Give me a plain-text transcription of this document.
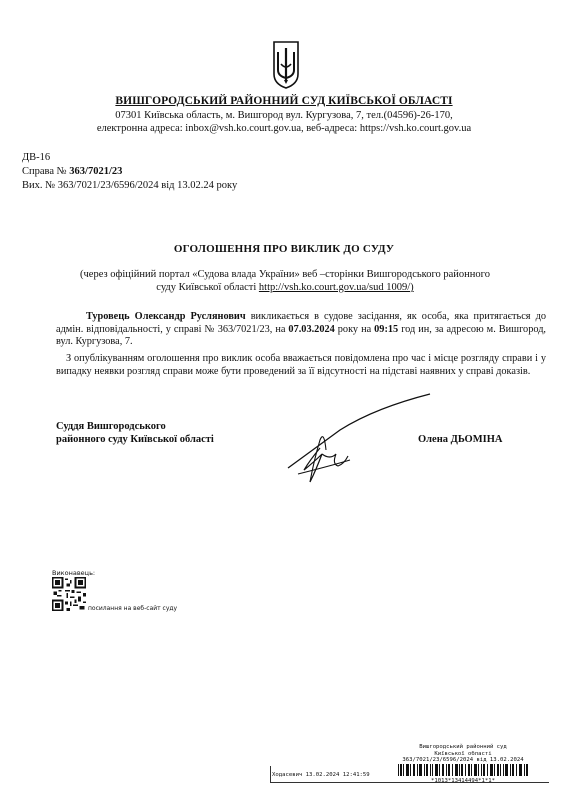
ВИШГОРОДСЬКИЙ РАЙОННИЙ СУД КИЇВСЬКОЇ ОБЛАСТІ
07301 Київська область, м. Вишгород вул. Кургузова, 7, тел.(04596)-26-170,
електронна адреса: inbox@vsh.ko.court.gov.ua, веб-адреса: https://vsh.ko.court.gov.ua
ДВ-16
Справа № 363/7021/23
Вих. № 363/7021/23/6596/2024 від 13.02.24 року
ОГОЛОШЕННЯ ПРО ВИКЛИК ДО СУДУ
(через офіційний портал «Судова влада України» веб –сторінки Вишгородського районного суду Київської області http://vsh.ko.court.gov.ua/sud 1009/)
Туровець Олександр Руслянович викликається в судове засідання, як особа, яка притягається до адмін. відповідальності, у справі № 363/7021/23, на 07.03.2024 року на 09:15 год ин, за адресою м. Вишгород, вул. Кургузова, 7.
З опублікуванням оголошення про виклик особа вважається повідомлена про час і місце розгляду справи і у випадку неявки розгляд справи може бути проведений за її відсутності на підставі наявних у справі доказів.
Суддя Вишгородського
районного суду Київської області	Олена ДЬОМІНА
Виконавець:
посилання на веб-сайт суду
Вишгородський районний суд
Київської області
363/7021/23/6596/2024 від 13.02.2024
Ходасевич 13.02.2024 12:41:59
*1013*13414494*1*1*
